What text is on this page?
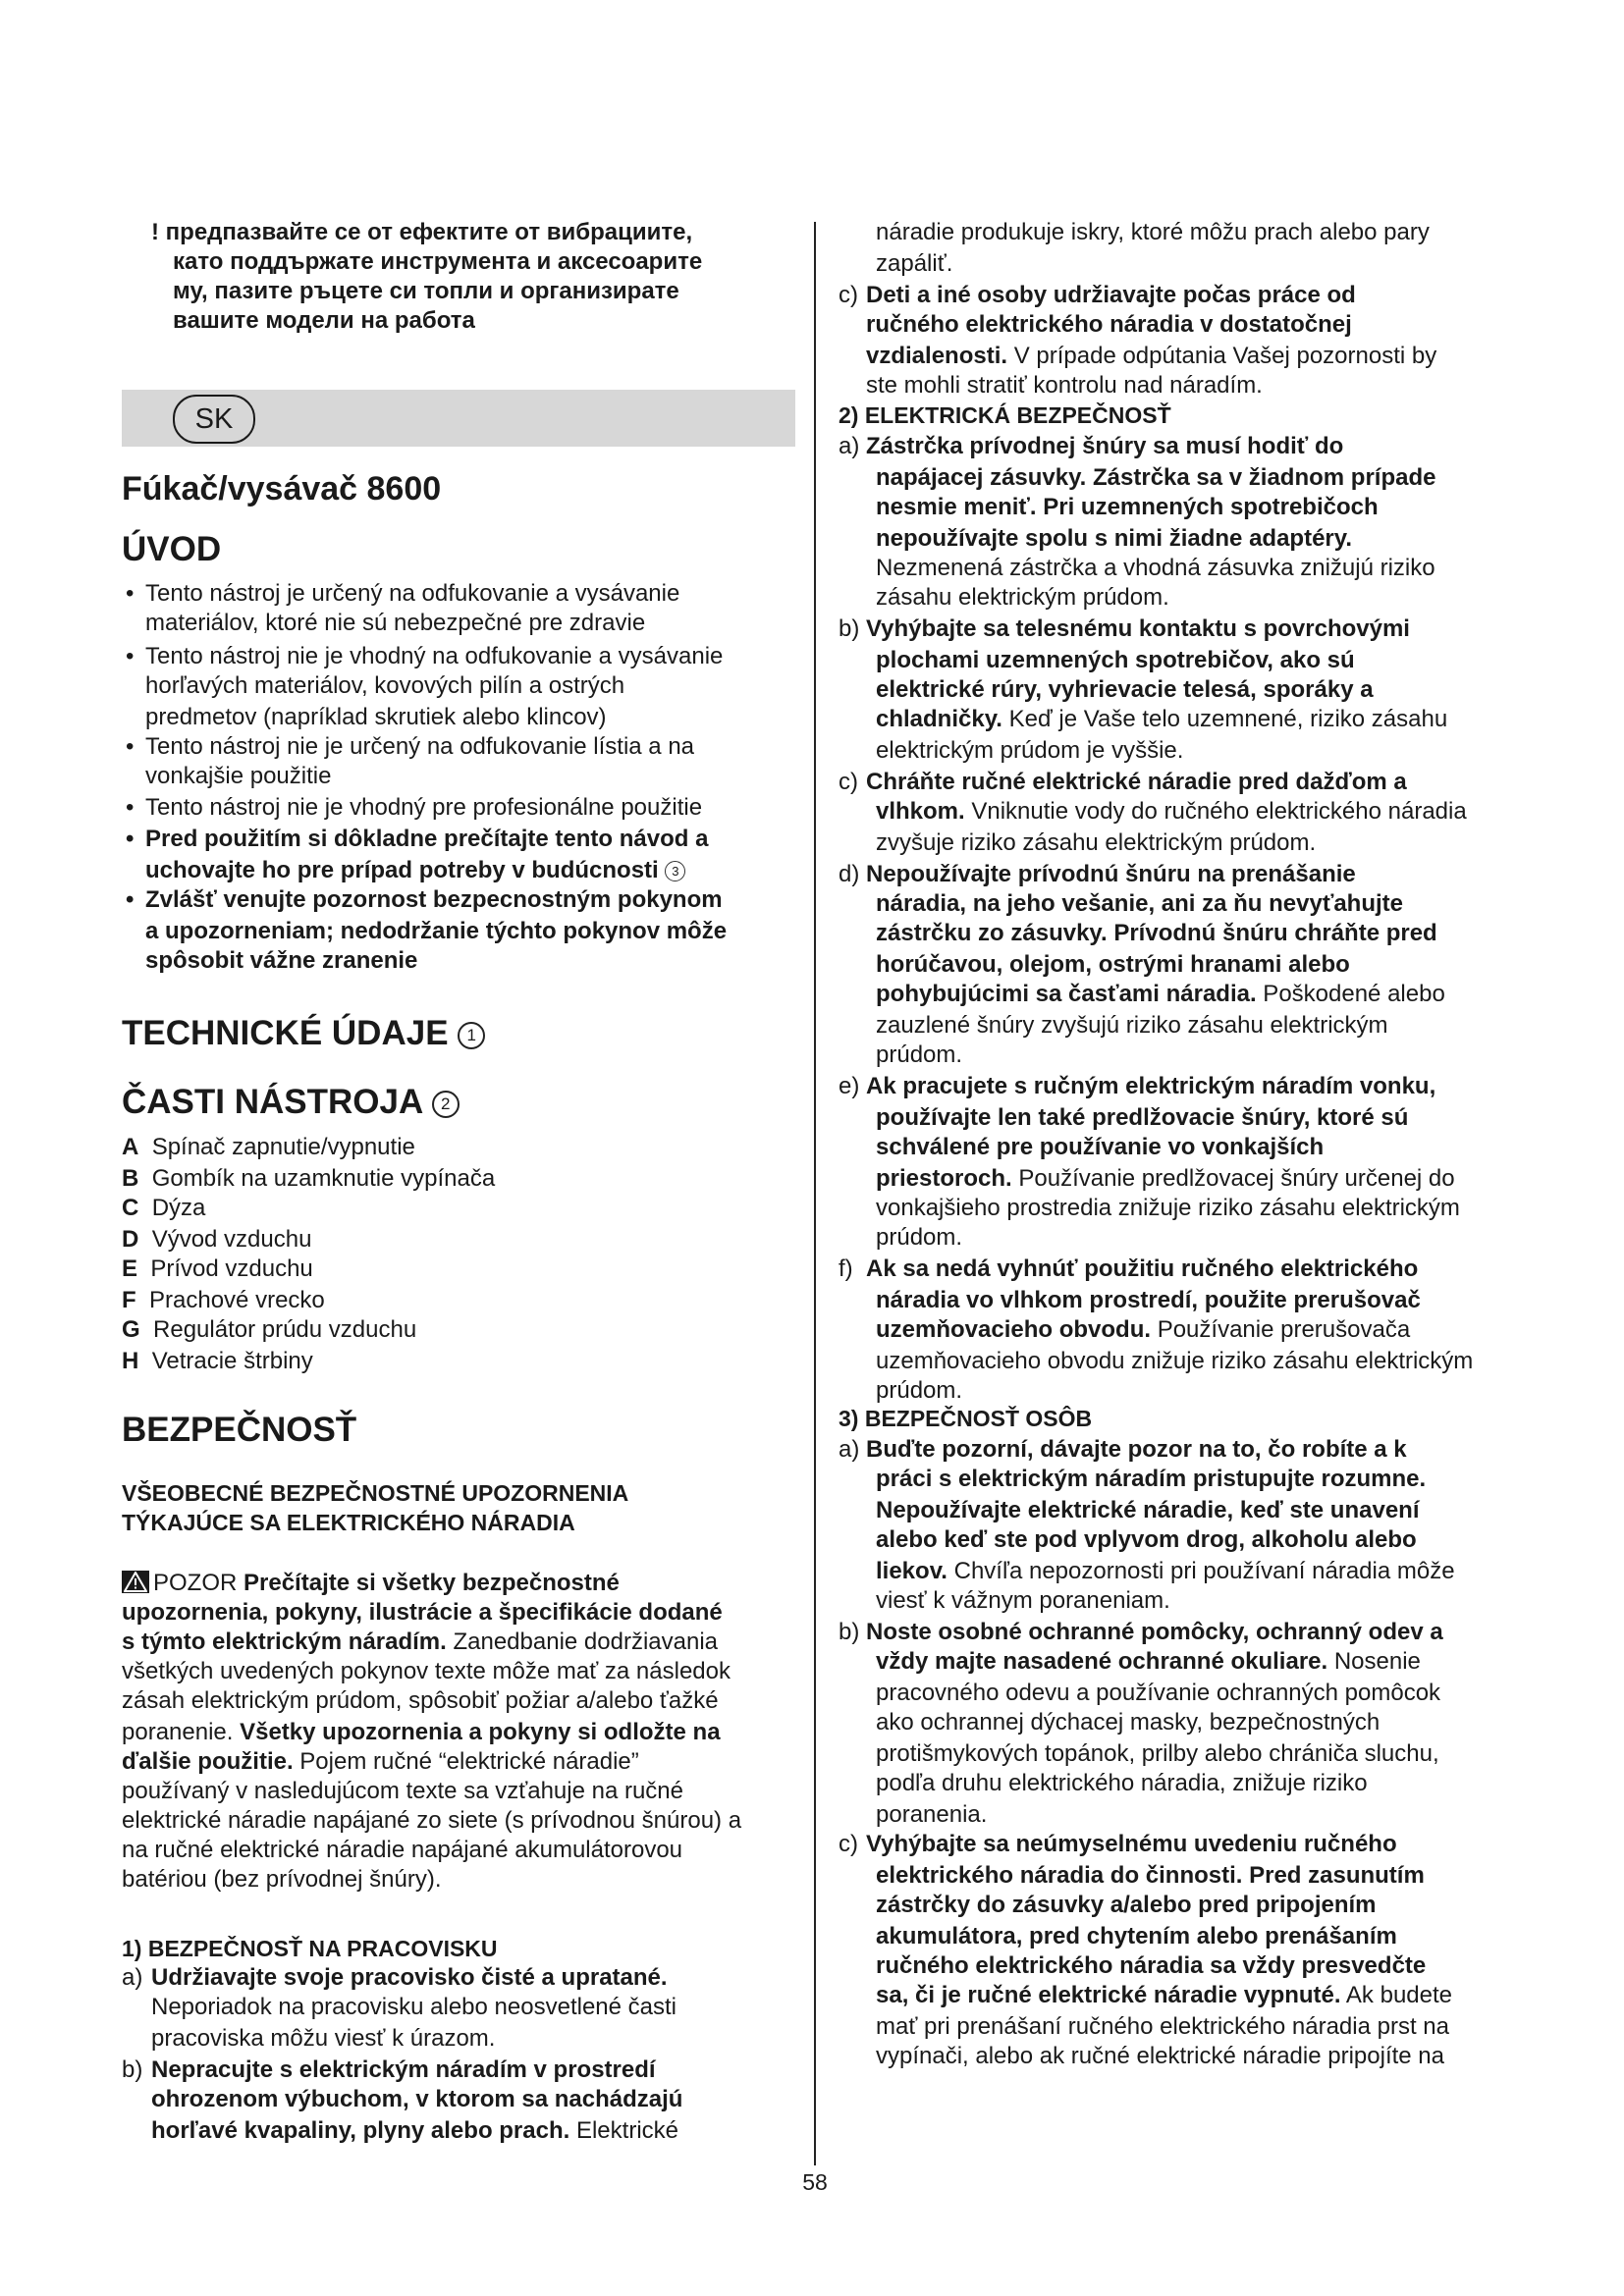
! предпазвайте се от ефектите от вибрациите,
като поддържате инструмента и аксесоарите
му, пазите ръцете си топли и организирате
вашите модели на работа
SK
Fúkač/vysávač 8600
ÚVOD
• Tento nástroj je určený na odfukovanie a vysávanie
materiálov, ktoré nie sú nebezpečné pre zdravie
• Tento nástroj nie je vhodný na odfukovanie a vysávanie
horľavých materiálov, kovových pilín a ostrých
predmetov (napríklad skrutiek alebo klincov)
• Tento nástroj nie je určený na odfukovanie lístia a na
vonkajšie použitie
• Tento nástroj nie je vhodný pre profesionálne použitie
• Pred použitím si dôkladne prečítajte tento návod a
uchovajte ho pre prípad potreby v budúcnosti 3
• Zvlášť venujte pozornost bezpecnostným pokynom
a upozorneniam; nedodržanie týchto pokynov môže
spôsobit vážne zranenie
TECHNICKÉ ÚDAJE 1
ČASTI NÁSTROJA 2
A Spínač zapnutie/vypnutie
B Gombík na uzamknutie vypínača
C Dýza
D Vývod vzduchu
E Prívod vzduchu
F Prachové vrecko
G Regulátor prúdu vzduchu
H Vetracie štrbiny
BEZPEČNOSŤ
VŠEOBECNÉ BEZPEČNOSTNÉ UPOZORNENIA
TÝKAJÚCE SA ELEKTRICKÉHO NÁRADIA
POZOR Prečítajte si všetky bezpečnostné
upozornenia, pokyny, ilustrácie a špecifikácie dodané
s týmto elektrickým náradím. Zanedbanie dodržiavania
všetkých uvedených pokynov texte môže mať za následok
zásah elektrickým prúdom, spôsobiť požiar a/alebo ťažké
poranenie. Všetky upozornenia a pokyny si odložte na
ďalšie použitie. Pojem ručné “elektrické náradie”
používaný v nasledujúcom texte sa vzťahuje na ručné
elektrické náradie napájané zo siete (s prívodnou šnúrou) a
na ručné elektrické náradie napájané akumulátorovou
batériou (bez prívodnej šnúry).
1) BEZPEČNOSŤ NA PRACOVISKU
a) Udržiavajte svoje pracovisko čisté a upratané.
Neporiadok na pracovisku alebo neosvetlené časti
pracoviska môžu viesť k úrazom.
b) Nepracujte s elektrickým náradím v prostredí
ohrozenom výbuchom, v ktorom sa nachádzajú
horľavé kvapaliny, plyny alebo prach. Elektrické
náradie produkuje iskry, ktoré môžu prach alebo pary
zapáliť.
c) Deti a iné osoby udržiavajte počas práce od
ručného elektrického náradia v dostatočnej
vzdialenosti. V prípade odpútania Vašej pozornosti by
ste mohli stratiť kontrolu nad náradím.
2) ELEKTRICKÁ BEZPEČNOSŤ
a) Zástrčka prívodnej šnúry sa musí hodiť do
napájacej zásuvky. Zástrčka sa v žiadnom prípade
nesmie meniť. Pri uzemnených spotrebičoch
nepoužívajte spolu s nimi žiadne adaptéry.
Nezmenená zástrčka a vhodná zásuvka znižujú riziko
zásahu elektrickým prúdom.
b) Vyhýbajte sa telesnému kontaktu s povrchovými
plochami uzemnených spotrebičov, ako sú
elektrické rúry, vyhrievacie telesá, sporáky a
chladničky. Keď je Vaše telo uzemnené, riziko zásahu
elektrickým prúdom je vyššie.
c) Chráňte ručné elektrické náradie pred dažďom a
vlhkom. Vniknutie vody do ručného elektrického náradia
zvyšuje riziko zásahu elektrickým prúdom.
d) Nepoužívajte prívodnú šnúru na prenášanie
náradia, na jeho vešanie, ani za ňu nevyťahujte
zástrčku zo zásuvky. Prívodnú šnúru chráňte pred
horúčavou, olejom, ostrými hranami alebo
pohybujúcimi sa časťami náradia. Poškodené alebo
zauzlené šnúry zvyšujú riziko zásahu elektrickým
prúdom.
e) Ak pracujete s ručným elektrickým náradím vonku,
používajte len také predlžovacie šnúry, ktoré sú
schválené pre používanie vo vonkajších
priestoroch. Používanie predlžovacej šnúry určenej do
vonkajšieho prostredia znižuje riziko zásahu elektrickým
prúdom.
f) Ak sa nedá vyhnúť použitiu ručného elektrického
náradia vo vlhkom prostredí, použite prerušovač
uzemňovacieho obvodu. Používanie prerušovača
uzemňovacieho obvodu znižuje riziko zásahu elektrickým
prúdom.
3) BEZPEČNOSŤ OSÔB
a) Buďte pozorní, dávajte pozor na to, čo robíte a k
práci s elektrickým náradím pristupujte rozumne.
Nepoužívajte elektrické náradie, keď ste unavení
alebo keď ste pod vplyvom drog, alkoholu alebo
liekov. Chvíľa nepozornosti pri používaní náradia môže
viesť k vážnym poraneniam.
b) Noste osobné ochranné pomôcky, ochranný odev a
vždy majte nasadené ochranné okuliare. Nosenie
pracovného odevu a používanie ochranných pomôcok
ako ochrannej dýchacej masky, bezpečnostných
protišmykových topánok, prilby alebo chrániča sluchu,
podľa druhu elektrického náradia, znižuje riziko
poranenia.
c) Vyhýbajte sa neúmyselnému uvedeniu ručného
elektrického náradia do činnosti. Pred zasunutím
zástrčky do zásuvky a/alebo pred pripojením
akumulátora, pred chytením alebo prenášaním
ručného elektrického náradia sa vždy presvedčte
sa, či je ručné elektrické náradie vypnuté. Ak budete
mať pri prenášaní ručného elektrického náradia prst na
vypínači, alebo ak ručné elektrické náradie pripojíte na
58
